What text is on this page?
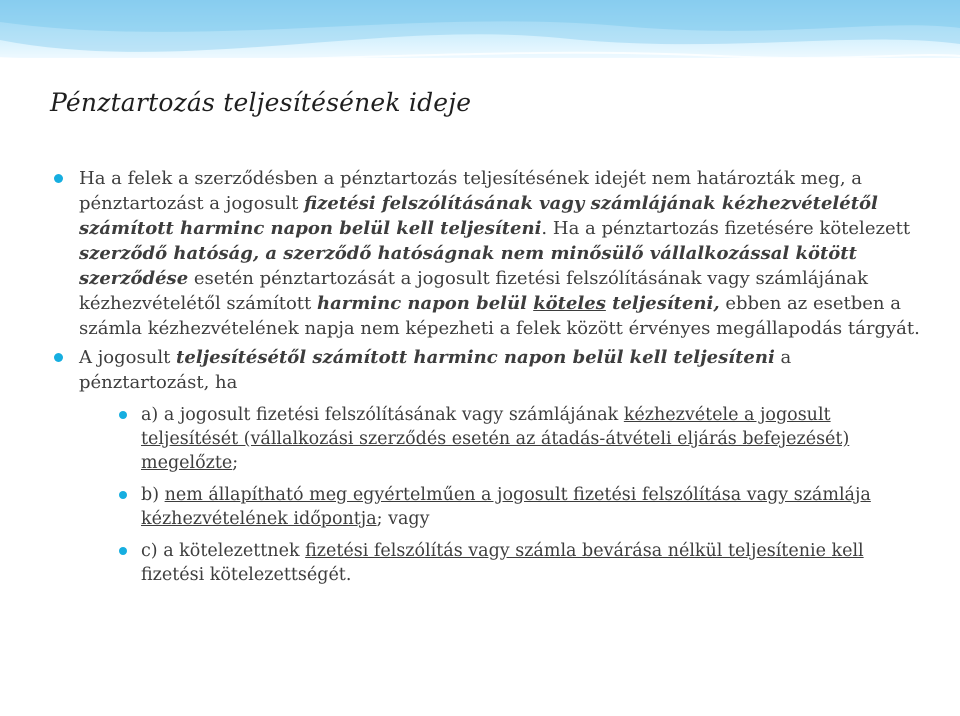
Pénztartozás teljesítésének ideje
Ha a felek a szerződésben a pénztartozás teljesítésének idejét nem határozták meg, a pénztartozást a jogosult fizetési felszólításának vagy számlájának kézhezvételétől számított harminc napon belül kell teljesíteni. Ha a pénztartozás fizetésére kötelezett szerződő hatóság, a szerződő hatóságnak nem minősülő vállalkozással kötött szerződése esetén pénztartozását a jogosult fizetési felszólításának vagy számlájának kézhezvételétől számított harminc napon belül köteles teljesíteni, ebben az esetben a számla kézhezvételének napja nem képezheti a felek között érvényes megállapodás tárgyát.
A jogosult teljesítésétől számított harminc napon belül kell teljesíteni a pénztartozást, ha
a) a jogosult fizetési felszólításának vagy számlájának kézhezvétele a jogosult teljesítését (vállalkozási szerződés esetén az átadás-átvételi eljárás befejezését) megelőzte;
b) nem állapítható meg egyértelműen a jogosult fizetési felszólítása vagy számlája kézhezvételének időpontja; vagy
c) a kötelezettnek fizetési felszólítás vagy számla bevárása nélkül teljesítenie kell fizetési kötelezettségét.
